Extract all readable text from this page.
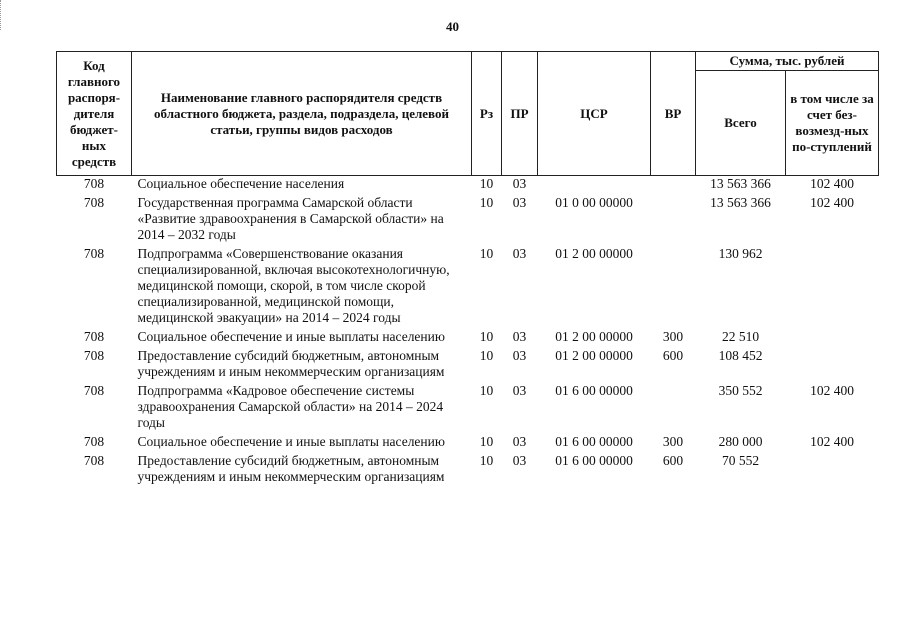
40
Код главного распоря-дителя бюджет-ных средств	Наименование главного распорядителя средств областного бюджета, раздела, подраздела, целевой статьи, группы видов расходов	Рз	ПР	ЦСР	ВР	Сумма, тыс. рублей	
						Всего	в том числе за счет без-возмезд-ных по-ступлений
708	Социальное обеспечение населения	10	03			13 563 366	102 400
708	Государственная программа Самарской области «Развитие здравоохранения в Самарской области» на 2014 – 2032 годы	10	03	01 0 00 00000		13 563 366	102 400
708	Подпрограмма «Совершенствование оказания специализированной, включая высокотехнологичную, медицинской помощи, скорой, в том числе скорой специализированной, медицинской помощи, медицинской эвакуации» на 2014 – 2024 годы	10	03	01 2 00 00000		130 962	
708	Социальное обеспечение и иные выплаты населению	10	03	01 2 00 00000	300	22 510	
708	Предоставление субсидий бюджетным, автономным учреждениям и иным некоммерческим организациям	10	03	01 2 00 00000	600	108 452	
708	Подпрограмма «Кадровое обеспечение системы здравоохранения Самарской области» на 2014 – 2024 годы	10	03	01 6 00 00000		350 552	102 400
708	Социальное обеспечение и иные выплаты населению	10	03	01 6 00 00000	300	280 000	102 400
708	Предоставление субсидий бюджетным, автономным учреждениям и иным некоммерческим организациям	10	03	01 6 00 00000	600	70 552	
